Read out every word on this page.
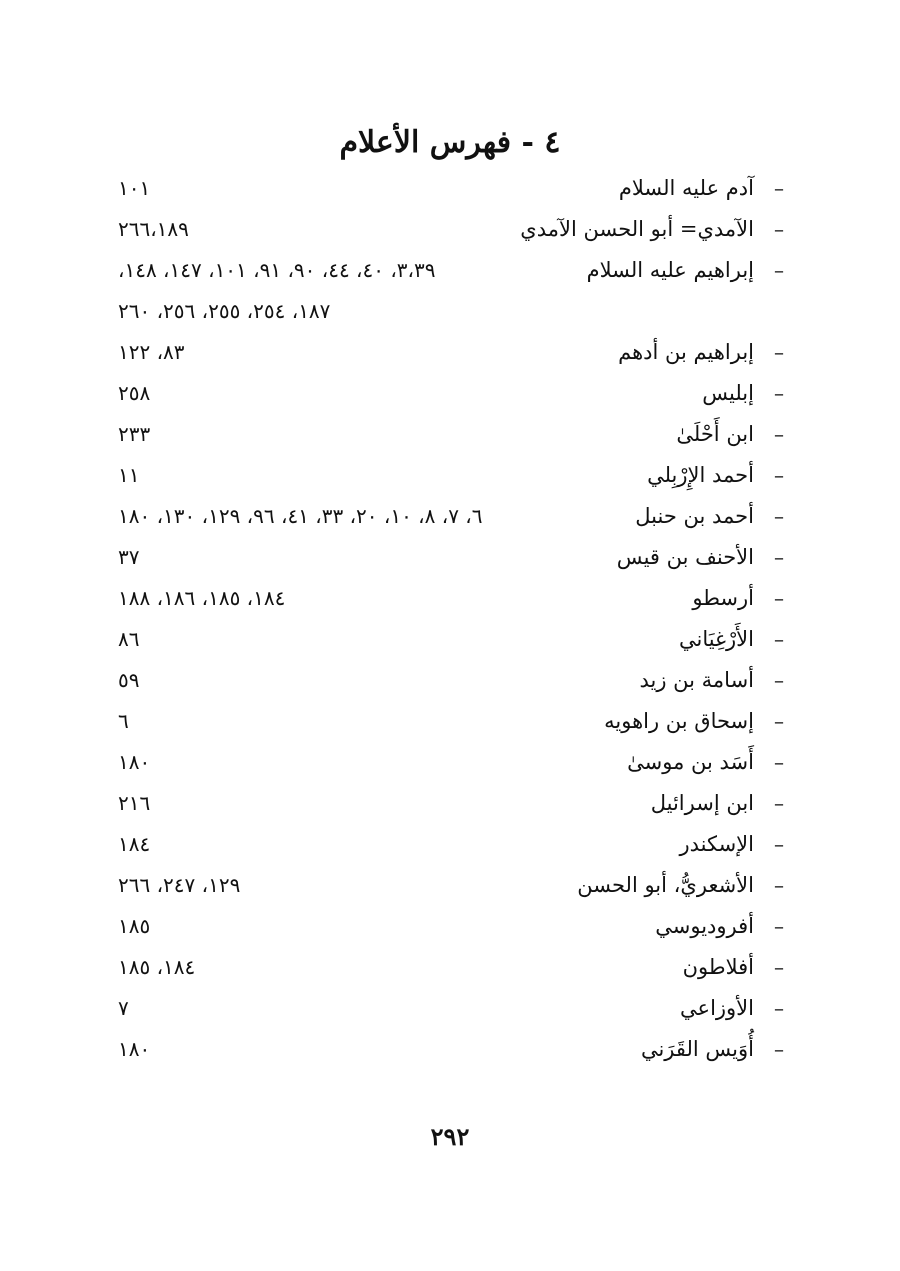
٤ - فهرس الأعلام
–
آدم عليه السلام
١٠١
–
الآمدي= أبو الحسن الآمدي
٢٦٦،١٨٩
–
إبراهيم عليه السلام
٣،٣٩، ٤٠، ٤٤، ٩٠، ٩١، ١٠١، ١٤٧، ١٤٨،
١٨٧، ٢٥٤، ٢٥٥، ٢٥٦، ٢٦٠
–
إبراهيم بن أدهم
٨٣، ١٢٢
–
إبليس
٢٥٨
–
ابن أَحْلَىٰ
٢٣٣
–
أحمد الإِرْبِلي
١١
–
أحمد بن حنبل
٦، ٧، ٨، ١٠، ٢٠، ٣٣، ٤١، ٩٦، ١٢٩، ١٣٠، ١٨٠
–
الأحنف بن قيس
٣٧
–
أرسطو
١٨٤، ١٨٥، ١٨٦، ١٨٨
–
الأَرْغِيَاني
٨٦
–
أسامة بن زيد
٥٩
–
إسحاق بن راهويه
٦
–
أَسَد بن موسىٰ
١٨٠
–
ابن إسرائيل
٢١٦
–
الإسكندر
١٨٤
–
الأشعريُّ، أبو الحسن
١٢٩، ٢٤٧، ٢٦٦
–
أفروديوسي
١٨٥
–
أفلاطون
١٨٤، ١٨٥
–
الأوزاعي
٧
–
أُوَيس القَرَني
١٨٠
٢٩٢
